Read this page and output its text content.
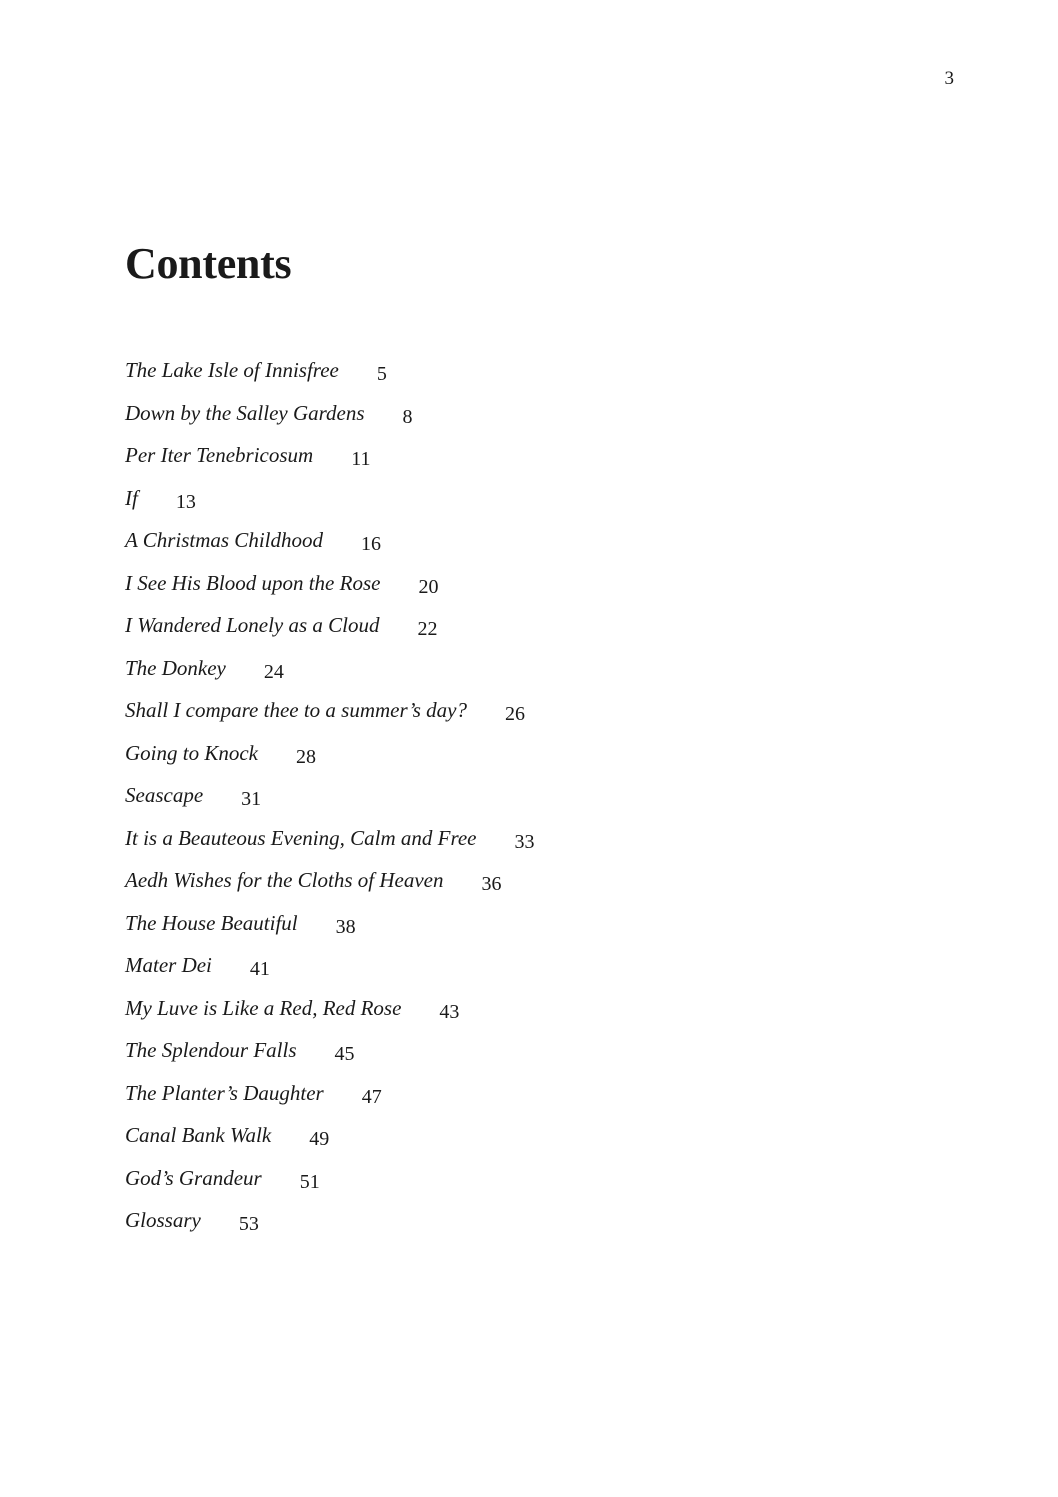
3
Contents
The Lake Isle of Innisfree 5
Down by the Salley Gardens 8
Per Iter Tenebricosum 11
If 13
A Christmas Childhood 16
I See His Blood upon the Rose 20
I Wandered Lonely as a Cloud 22
The Donkey 24
Shall I compare thee to a summer’s day? 26
Going to Knock 28
Seascape 31
It is a Beauteous Evening, Calm and Free 33
Aedh Wishes for the Cloths of Heaven 36
The House Beautiful 38
Mater Dei 41
My Luve is Like a Red, Red Rose 43
The Splendour Falls 45
The Planter’s Daughter 47
Canal Bank Walk 49
God’s Grandeur 51
Glossary 53
